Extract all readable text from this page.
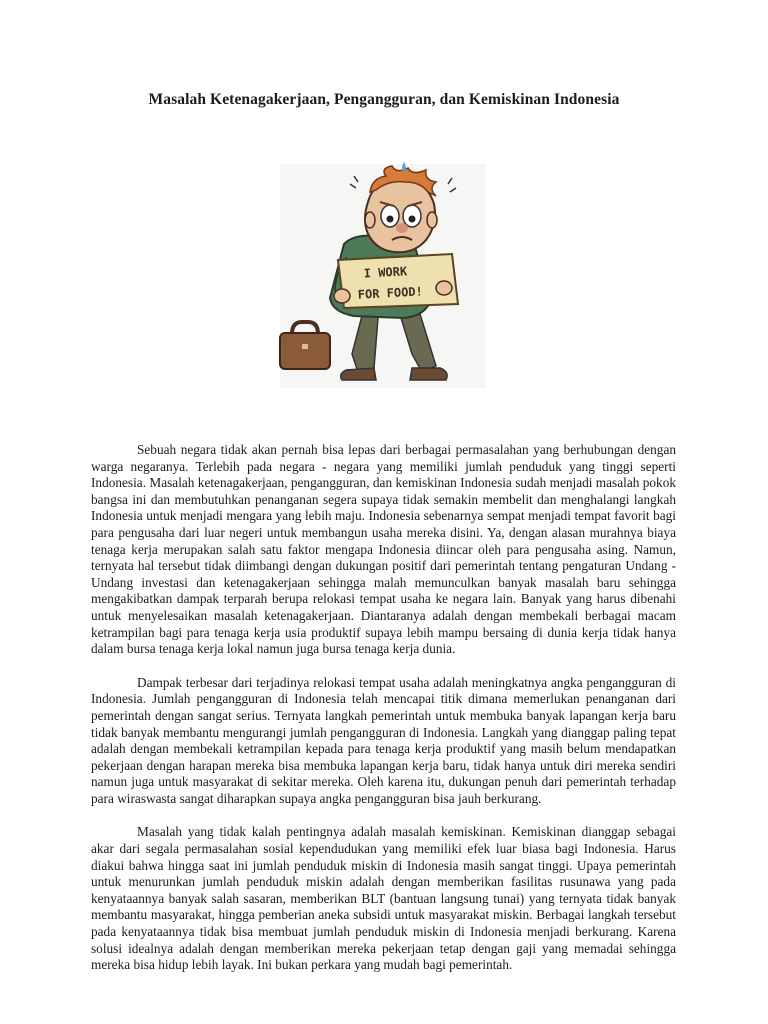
Masalah Ketenagakerjaan, Pengangguran, dan Kemiskinan Indonesia
I WORK
FOR FOOD!

Sebuah negara tidak akan pernah bisa lepas dari berbagai permasalahan yang berhubungan dengan warga negaranya. Terlebih pada negara - negara yang memiliki jumlah penduduk yang tinggi seperti Indonesia. Masalah ketenagakerjaan, pengangguran, dan kemiskinan Indonesia sudah menjadi masalah pokok bangsa ini dan membutuhkan penanganan segera supaya tidak semakin membelit dan menghalangi langkah Indonesia untuk menjadi mengara yang lebih maju. Indonesia sebenarnya sempat menjadi tempat favorit bagi para pengusaha dari luar negeri untuk membangun usaha mereka disini. Ya, dengan alasan murahnya biaya tenaga kerja merupakan salah satu faktor mengapa Indonesia diincar oleh para pengusaha asing. Namun, ternyata hal tersebut tidak diimbangi dengan dukungan positif dari pemerintah tentang pengaturan Undang - Undang investasi dan ketenagakerjaan sehingga malah memunculkan banyak masalah baru sehingga mengakibatkan dampak terparah berupa relokasi tempat usaha ke negara lain. Banyak yang harus dibenahi untuk menyelesaikan masalah ketenagakerjaan. Diantaranya adalah dengan membekali berbagai macam ketrampilan bagi para tenaga kerja usia produktif supaya lebih mampu bersaing di dunia kerja tidak hanya dalam bursa tenaga kerja lokal namun juga bursa tenaga kerja dunia.

Dampak terbesar dari terjadinya relokasi tempat usaha adalah meningkatnya angka pengangguran di Indonesia. Jumlah pengangguran di Indonesia telah mencapai titik dimana memerlukan penanganan dari pemerintah dengan sangat serius. Ternyata langkah pemerintah untuk membuka banyak lapangan kerja baru tidak banyak membantu mengurangi jumlah pengangguran di Indonesia. Langkah yang dianggap paling tepat adalah dengan membekali ketrampilan kepada para tenaga kerja produktif yang masih belum mendapatkan pekerjaan dengan harapan mereka bisa membuka lapangan kerja baru, tidak hanya untuk diri mereka sendiri namun juga untuk masyarakat di sekitar mereka. Oleh karena itu, dukungan penuh dari pemerintah terhadap para wiraswasta sangat diharapkan supaya angka pengangguran bisa jauh berkurang.

Masalah yang tidak kalah pentingnya adalah masalah kemiskinan. Kemiskinan dianggap sebagai akar dari segala permasalahan sosial kependudukan yang memiliki efek luar biasa bagi Indonesia. Harus diakui bahwa hingga saat ini jumlah penduduk miskin di Indonesia masih sangat tinggi. Upaya pemerintah untuk menurunkan jumlah penduduk miskin adalah dengan memberikan fasilitas rusunawa yang pada kenyataannya banyak salah sasaran, memberikan BLT (bantuan langsung tunai) yang ternyata tidak banyak membantu masyarakat, hingga pemberian aneka subsidi untuk masyarakat miskin. Berbagai langkah tersebut pada kenyataannya tidak bisa membuat jumlah penduduk miskin di Indonesia menjadi berkurang. Karena solusi idealnya adalah dengan memberikan mereka pekerjaan tetap dengan gaji yang memadai sehingga mereka bisa hidup lebih layak. Ini bukan perkara yang mudah bagi pemerintah.
